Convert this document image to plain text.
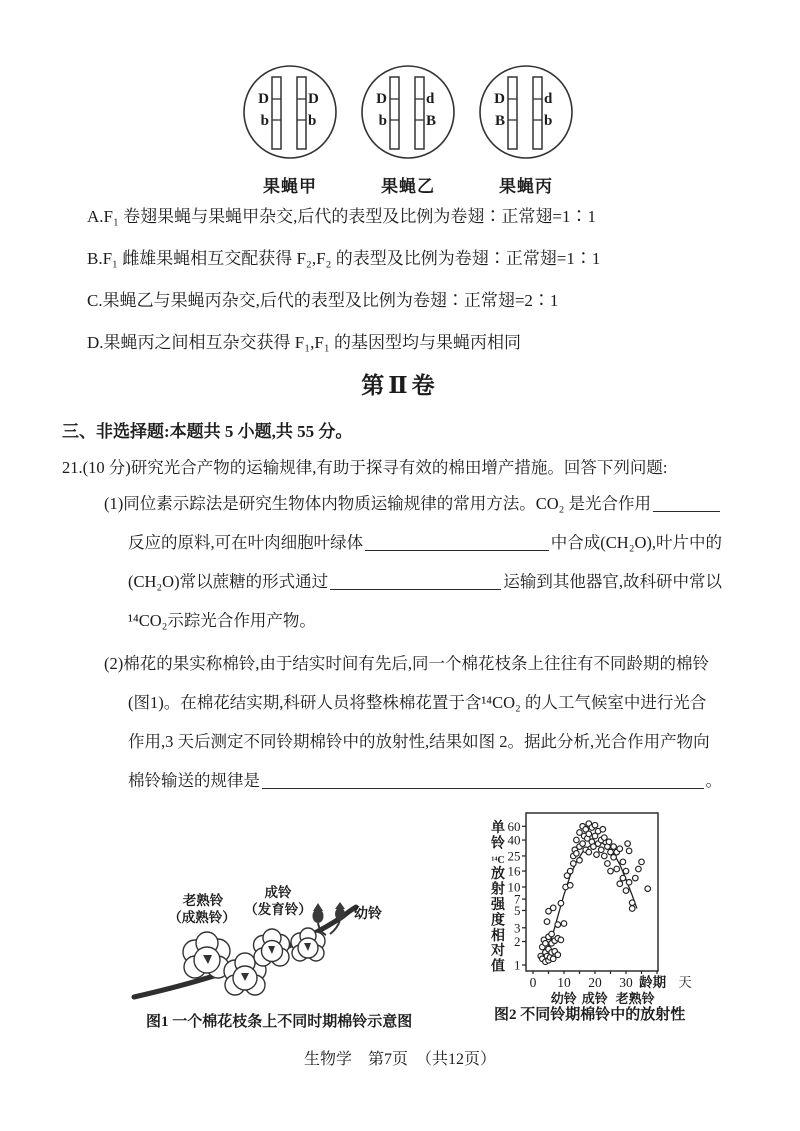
D
b
D
b
果蝇甲
D
b
d
B
果蝇乙
D
B
d
b
果蝇丙
A.F₁ 卷翅果蝇与果蝇甲杂交,后代的表型及比例为卷翅∶正常翅=1∶1
B.F₁ 雌雄果蝇相互交配获得 F₂,F₂ 的表型及比例为卷翅∶正常翅=1∶1
C.果蝇乙与果蝇丙杂交,后代的表型及比例为卷翅∶正常翅=2∶1
D.果蝇丙之间相互杂交获得 F₁,F₁ 的基因型均与果蝇丙相同
第Ⅱ卷
三、非选择题:本题共 5 小题,共 55 分。
21.(10 分)研究光合产物的运输规律,有助于探寻有效的棉田增产措施。回答下列问题:
(1)同位素示踪法是研究生物体内物质运输规律的常用方法。CO₂ 是光合作用
反应的原料,可在叶肉细胞叶绿体	中合成(CH₂O),叶片中的
(CH₂O)常以蔗糖的形式通过	运输到其他器官,故科研中常以
¹⁴CO₂示踪光合作用产物。
(2)棉花的果实称棉铃,由于结实时间有先后,同一个棉花枝条上往往有不同龄期的棉铃
(图1)。在棉花结实期,科研人员将整株棉花置于含¹⁴CO₂ 的人工气候室中进行光合
作用,3 天后测定不同铃期棉铃中的放射性,结果如图 2。据此分析,光合作用产物向
棉铃输送的规律是	。
老熟铃
（成熟铃）
成铃
（发育铃）	幼铃
图1 一个棉花枝条上不同时期棉铃示意图
单
铃
¹⁴C
放
射
强
度
相
对
值 1
2
3
5
7
10
16
25
40
60
0 10 20 30 龄期 天
幼铃 成铃 老熟铃
图2 不同铃期棉铃中的放射性
生物学　第7页　（共12页）
